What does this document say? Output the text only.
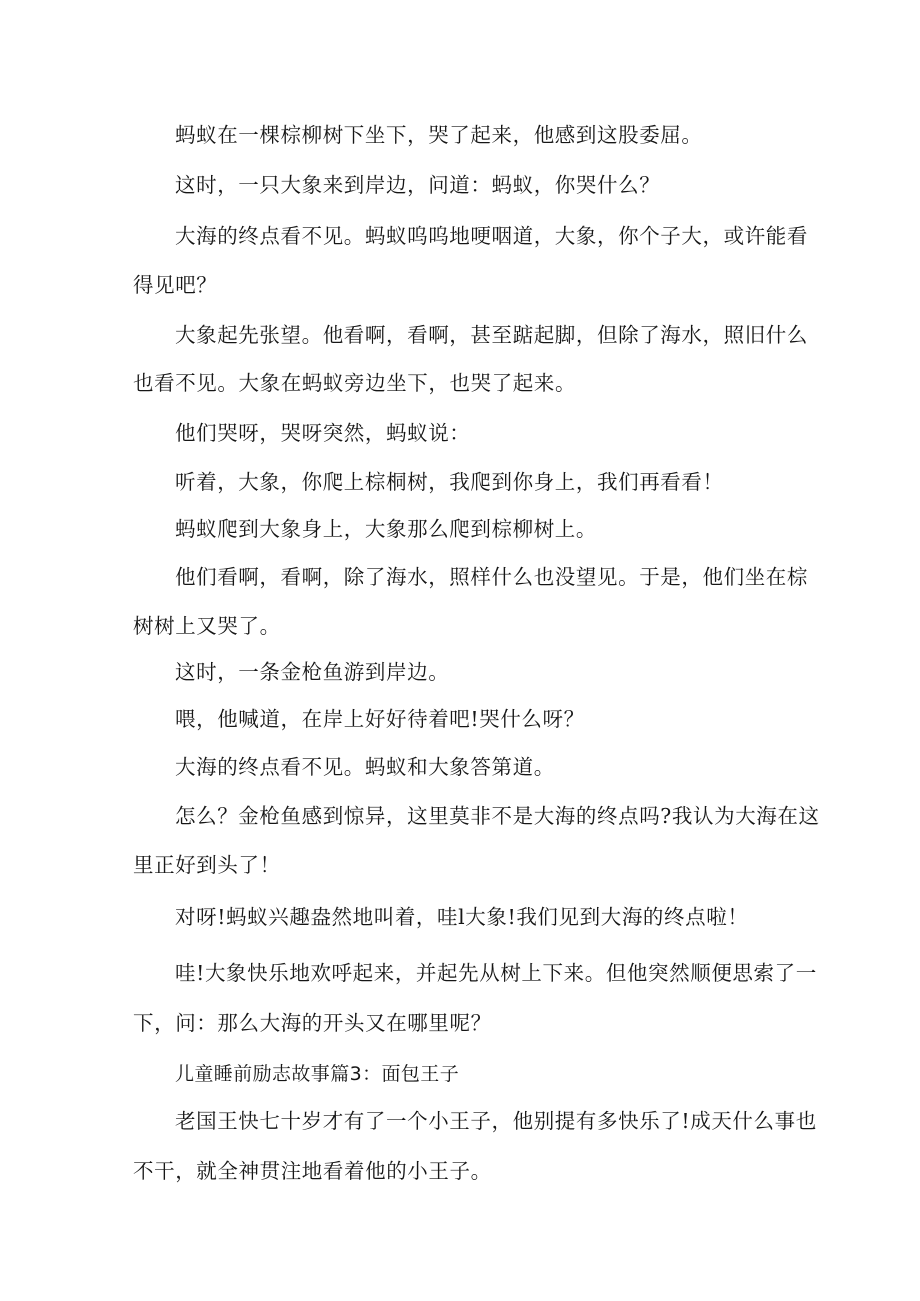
蚂蚁在一棵棕柳树下坐下，哭了起来，他感到这股委屈。

这时，一只大象来到岸边，问道：蚂蚁，你哭什么？

大海的终点看不见。蚂蚁呜呜地哽咽道，大象，你个子大，或许能看

得见吧？

大象起先张望。他看啊，看啊，甚至踮起脚，但除了海水，照旧什么

也看不见。大象在蚂蚁旁边坐下，也哭了起来。

他们哭呀，哭呀突然，蚂蚁说：

听着，大象，你爬上棕桐树，我爬到你身上，我们再看看！

蚂蚁爬到大象身上，大象那么爬到棕柳树上。

他们看啊，看啊，除了海水，照样什么也没望见。于是，他们坐在棕

树树上又哭了。

这时，一条金枪鱼游到岸边。

喂，他喊道，在岸上好好待着吧!哭什么呀？

大海的终点看不见。蚂蚁和大象答第道。

怎么？金枪鱼感到惊异，这里莫非不是大海的终点吗?我认为大海在这

里正好到头了！

对呀!蚂蚁兴趣盎然地叫着，哇l大象!我们见到大海的终点啦！

哇!大象快乐地欢呼起来，并起先从树上下来。但他突然顺便思索了一

下，问：那么大海的开头又在哪里呢？

儿童睡前励志故事篇3：面包王子

老国王快七十岁才有了一个小王子，他别提有多快乐了!成天什么事也

不干，就全神贯注地看着他的小王子。
